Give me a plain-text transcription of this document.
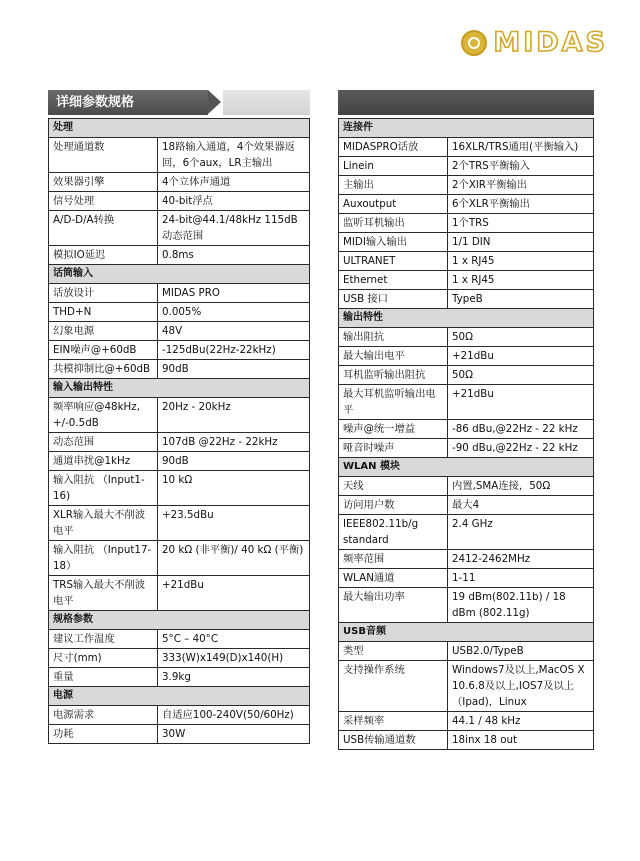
MIDAS
详细参数规格
处理	
处理通道数	18路输入通道，4个效果器返回，6个aux，LR主输出
效果器引擎	4个立体声通道
信号处理	40-bit浮点
A/D-D/A转换	24-bit@44.1/48kHz 115dB动态范围
模拟IO延迟	0.8ms
话筒输入	
话放设计	MIDAS PRO
THD+N	0.005%
幻象电源	48V
EIN噪声@+60dB	-125dBu(22Hz-22kHz)
共模抑制比@+60dB	90dB
输入输出特性	
频率响应@48kHz, +/-0.5dB	20Hz - 20kHz
动态范围	107dB @22Hz - 22kHz
通道串扰@1kHz	90dB
输入阻抗 （Input1-16)	10 kΩ
XLR输入最大不削波电平	+23.5dBu
输入阻抗 （Input17-18）	20 kΩ (非平衡)/ 40 kΩ (平衡)
TRS输入最大不削波电平	+21dBu
规格参数	
建议工作温度	5°C – 40°C
尺寸(mm)	333(W)x149(D)x140(H)
重量	3.9kg
电源	
电源需求	自适应100-240V(50/60Hz)
功耗	30W
连接件	
MIDASPRO话放	16XLR/TRS通用(平衡输入)
Linein	2个TRS平衡输入
主输出	2个XlR平衡输出
Auxoutput	6个XLR平衡输出
监听耳机输出	1个TRS
MIDI输入输出	1/1 DIN
ULTRANET	1 x RJ45
Ethernet	1 x RJ45
USB 接口	TypeB
输出特性	
输出阻抗	50Ω
最大输出电平	+21dBu
耳机监听输出阻抗	50Ω
最大耳机监听输出电平	+21dBu
噪声@统一增益	-86 dBu,@22Hz - 22 kHz
哑音时噪声	-90 dBu,@22Hz - 22 kHz
WLAN 模块	
天线	内置,SMA连接，50Ω
访问用户数	最大4
IEEE802.11b/g standard	2.4 GHz
频率范围	2412-2462MHz
WLAN通道	1-11
最大输出功率	19 dBm(802.11b) / 18 dBm (802.11g)
USB音频	
类型	USB2.0/TypeB
支持操作系统	Windows7及以上,MacOS X 10.6.8及以上,IOS7及以上（Ipad)，Linux
采样频率	44.1 / 48 kHz
USB传输通道数	18inx 18 out
